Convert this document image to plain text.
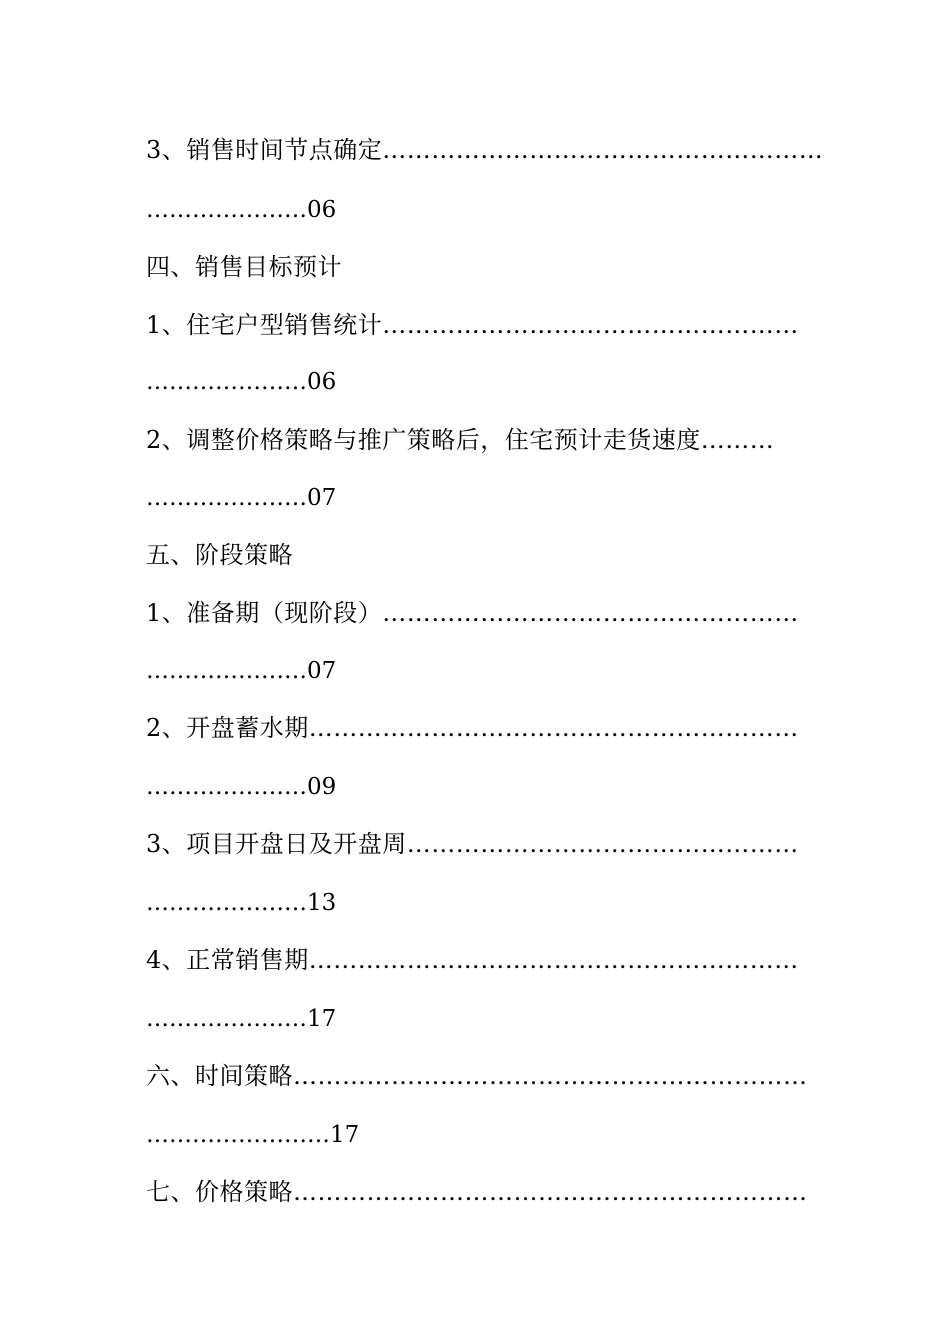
3、销售时间节点确定………………………………………………
…………………06
四、销售目标预计
1、住宅户型销售统计……………………………………………
…………………06
2、调整价格策略与推广策略后，住宅预计走货速度………
…………………07
五、阶段策略
1、准备期（现阶段）……………………………………………
…………………07
2、开盘蓄水期……………………………………………………
…………………09
3、项目开盘日及开盘周…………………………………………
…………………13
4、正常销售期……………………………………………………
…………………17
六、时间策略………………………………………………………
……………………17
七、价格策略………………………………………………………
